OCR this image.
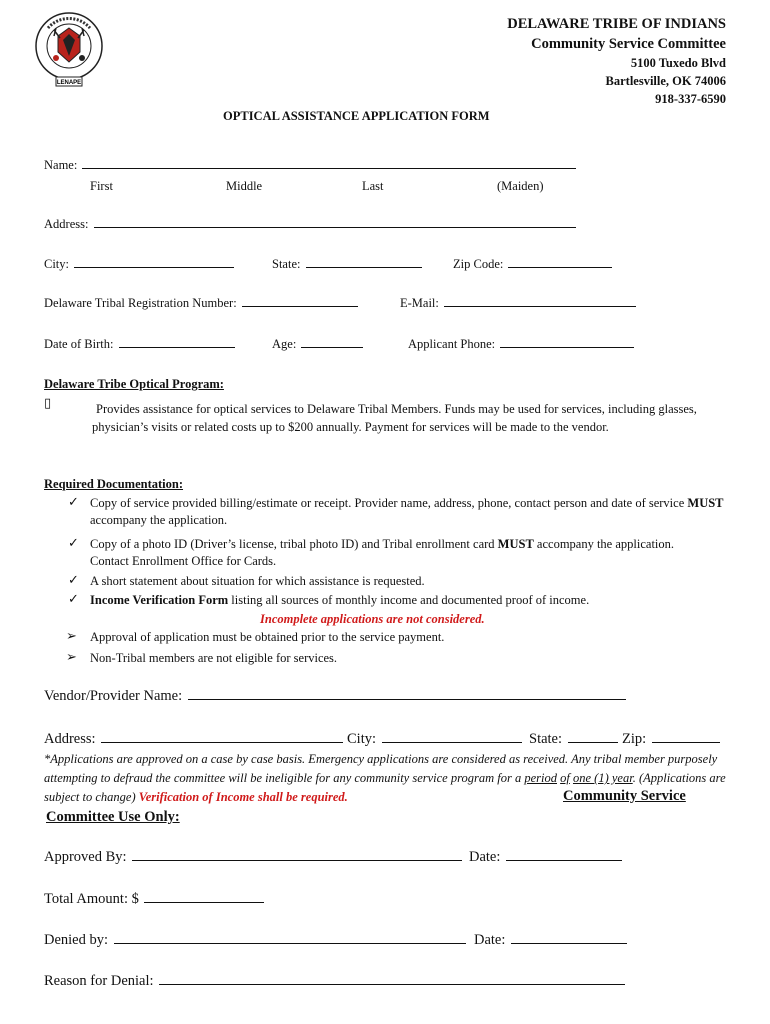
LENAPE
DELAWARE TRIBE OF INDIANS
Community Service Committee
5100 Tuxedo Blvd
Bartlesville, OK 74006
918-337-6590
OPTICAL ASSISTANCE APPLICATION FORM
Name:
First	Middle	Last	(Maiden)
Address:
City:	State:	Zip Code:
Delaware Tribal Registration Number:	E-Mail:
Date of Birth:	Age:	Applicant Phone:
Delaware Tribe Optical Program:
▯	Provides assistance for optical services to Delaware Tribal Members. Funds may be used for services, including glasses, physician’s visits or related costs up to $200 annually. Payment for services will be made to the vendor.
Required Documentation:
✓ Copy of service provided billing/estimate or receipt. Provider name, address, phone, contact person and date of service MUST accompany the application.
✓ Copy of a photo ID (Driver’s license, tribal photo ID) and Tribal enrollment card MUST accompany the application. Contact Enrollment Office for Cards.
✓ A short statement about situation for which assistance is requested.
✓ Income Verification Form listing all sources of monthly income and documented proof of income.
Incomplete applications are not considered.
➢ Approval of application must be obtained prior to the service payment.
➢ Non-Tribal members are not eligible for services.
Vendor/Provider Name:
Address:	City:	State:	Zip:
*Applications are approved on a case by case basis. Emergency applications are considered as received. Any tribal member purposely attempting to defraud the committee will be ineligible for any community service program for a period of one (1) year. (Applications are subject to change) Verification of Income shall be required.	Community Service
Committee Use Only:
Approved By:	Date:
Total Amount: $
Denied by:	Date:
Reason for Denial:
